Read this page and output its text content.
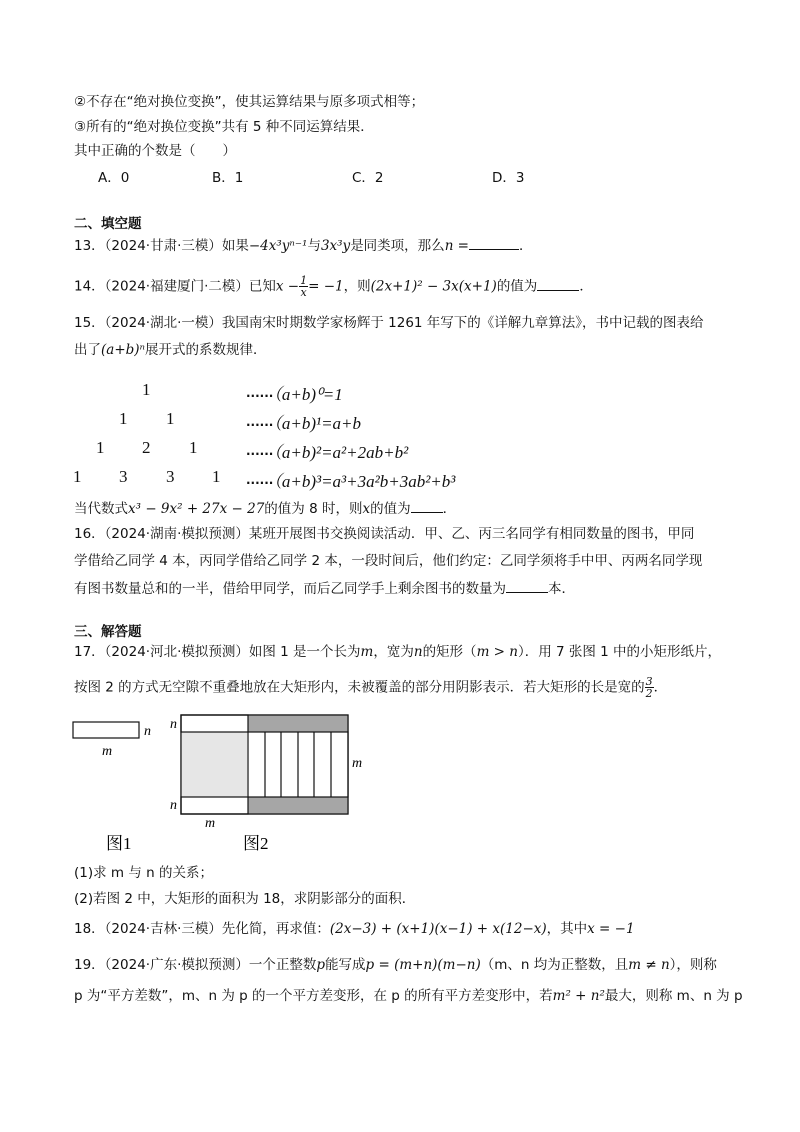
②不存在“绝对换位变换”，使其运算结果与原多项式相等；
③所有的“绝对换位变换”共有 5 种不同运算结果．
其中正确的个数是（　　）
A．0	B．1	C．2	D．3
二、填空题
13．（2024·甘肃·三模）如果−4x³yⁿ⁻¹与3x³y是同类项，那么n =	．
14．（2024·福建厦门·二模）已知$x - \frac{1}{x} = -1$，则(2x+1)² − 3x(x+1)的值为	．
15．（2024·湖北·一模）我国南宋时期数学家杨辉于 1261 年写下的《详解九章算法》，书中记载的图表给
出了(a+b)ⁿ展开式的系数规律．
1
1 1
1 2 1
1 3 3 1
······（a+b)⁰=1
······（a+b)¹=a+b
······（a+b)²=a²+2ab+b²
······（a+b)³=a³+3a²b+3ab²+b³
当代数式x³ − 9x² + 27x − 27的值为 8 时，则x的值为 ．
16．（2024·湖南·模拟预测）某班开展图书交换阅读活动．甲、乙、丙三名同学有相同数量的图书，甲同
学借给乙同学 4 本，丙同学借给乙同学 2 本，一段时间后，他们约定：乙同学须将手中甲、丙两名同学现
有图书数量总和的一半，借给甲同学，而后乙同学手上剩余图书的数量为	本．
三、解答题
17．（2024·河北·模拟预测）如图 1 是一个长为m，宽为n的矩形（m > n）．用 7 张图 1 中的小矩形纸片，
按图 2 的方式无空隙不重叠地放在大矩形内，未被覆盖的部分用阴影表示．若大矩形的长是宽的 $\frac{3}{2}$ ．
n
m
图1
n
n
m
m
图2
(1)求 m 与 n 的关系；
(2)若图 2 中，大矩形的面积为 18，求阴影部分的面积．
18．（2024·吉林·三模）先化简，再求值：(2x−3) + (x+1)(x−1) + x(12−x)，其中x = −1
19．（2024·广东·模拟预测）一个正整数p能写成p = (m+n)(m−n)（m、n 均为正整数，且m ≠ n），则称
p 为“平方差数”，m、n 为 p 的一个平方差变形，在 p 的所有平方差变形中，若m² + n²最大，则称 m、n 为 p
